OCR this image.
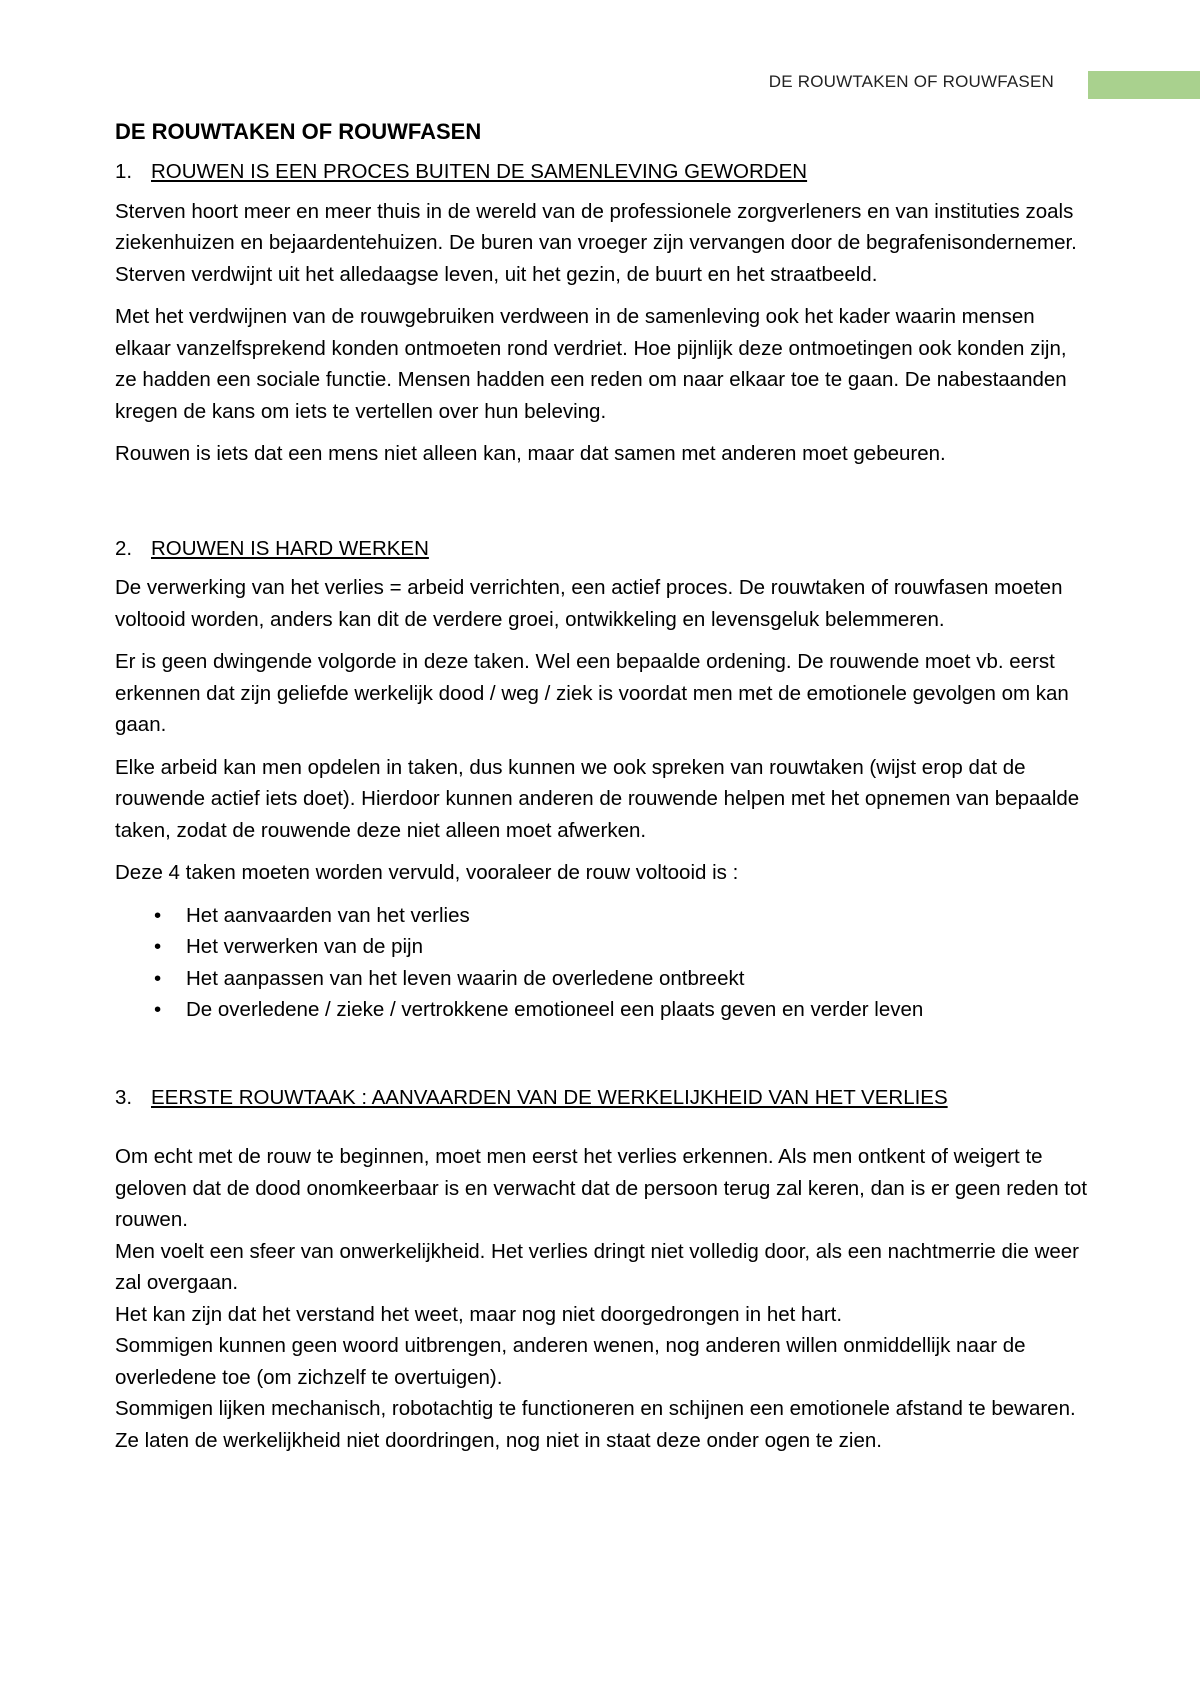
DE ROUWTAKEN OF ROUWFASEN
DE ROUWTAKEN OF ROUWFASEN
1. ROUWEN IS EEN PROCES BUITEN DE SAMENLEVING GEWORDEN

Sterven hoort meer en meer thuis in de wereld van de professionele zorgverleners en van instituties zoals ziekenhuizen en bejaardentehuizen. De buren van vroeger zijn vervangen door de begrafenisondernemer. Sterven verdwijnt uit het alledaagse leven, uit het gezin, de buurt en het straatbeeld.

Met het verdwijnen van de rouwgebruiken verdween in de samenleving ook het kader waarin mensen elkaar vanzelfsprekend konden ontmoeten rond verdriet. Hoe pijnlijk deze ontmoetingen ook konden zijn, ze hadden een sociale functie. Mensen hadden een reden om naar elkaar toe te gaan. De nabestaanden kregen de kans om iets te vertellen over hun beleving.

Rouwen is iets dat een mens niet alleen kan, maar dat samen met anderen moet gebeuren.

2. ROUWEN IS HARD WERKEN

De verwerking van het verlies = arbeid verrichten, een actief proces. De rouwtaken of rouwfasen moeten voltooid worden, anders kan dit de verdere groei, ontwikkeling en levensgeluk belemmeren.

Er is geen dwingende volgorde in deze taken. Wel een bepaalde ordening. De rouwende moet vb. eerst erkennen dat zijn geliefde werkelijk dood / weg / ziek is voordat men met de emotionele gevolgen om kan gaan.

Elke arbeid kan men opdelen in taken, dus kunnen we ook spreken van rouwtaken (wijst erop dat de rouwende actief iets doet). Hierdoor kunnen anderen de rouwende helpen met het opnemen van bepaalde taken, zodat de rouwende deze niet alleen moet afwerken.

Deze 4 taken moeten worden vervuld, vooraleer de rouw voltooid is :

• Het aanvaarden van het verlies
• Het verwerken van de pijn
• Het aanpassen van het leven waarin de overledene ontbreekt
• De overledene / zieke / vertrokkene emotioneel een plaats geven en verder leven
3. EERSTE ROUWTAAK : AANVAARDEN VAN DE WERKELIJKHEID VAN HET VERLIES

Om echt met de rouw te beginnen, moet men eerst het verlies erkennen. Als men ontkent of weigert te geloven dat de dood onomkeerbaar is en verwacht dat de persoon terug zal keren, dan is er geen reden tot rouwen.

Men voelt een sfeer van onwerkelijkheid. Het verlies dringt niet volledig door, als een nachtmerrie die weer zal overgaan.

Het kan zijn dat het verstand het weet, maar nog niet doorgedrongen in het hart.

Sommigen kunnen geen woord uitbrengen, anderen wenen, nog anderen willen onmiddellijk naar de overledene toe (om zichzelf te overtuigen).

Sommigen lijken mechanisch, robotachtig te functioneren en schijnen een emotionele afstand te bewaren. Ze laten de werkelijkheid niet doordringen, nog niet in staat deze onder ogen te zien.
